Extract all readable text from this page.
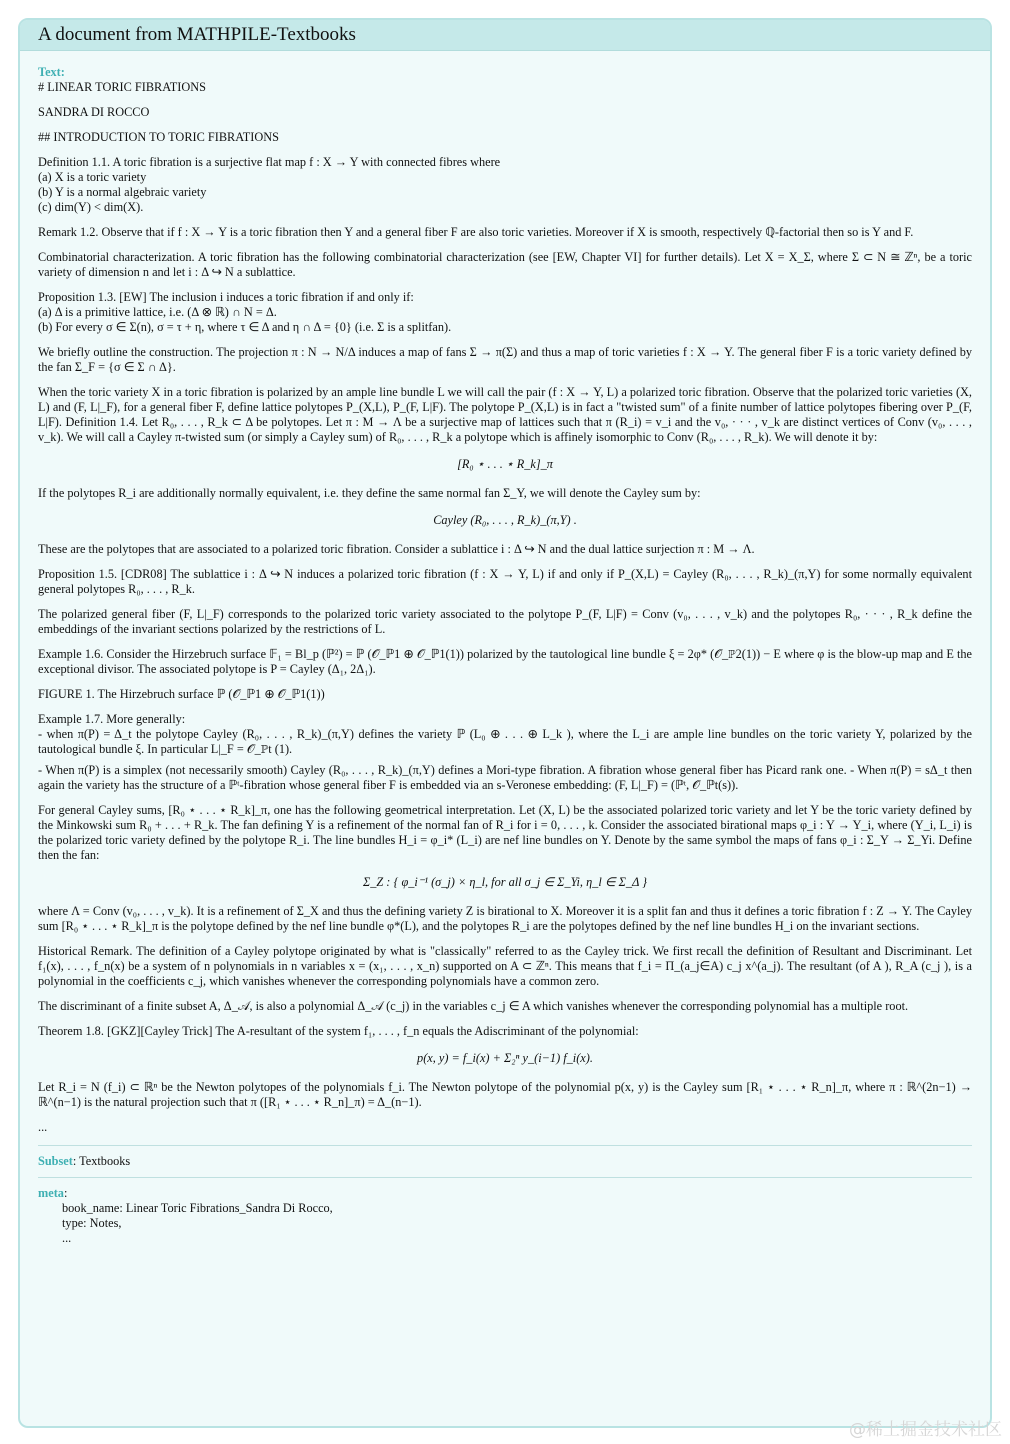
A document from MATHPILE-Textbooks
Text:

# LINEAR TORIC FIBRATIONS

SANDRA DI ROCCO

## INTRODUCTION TO TORIC FIBRATIONS

Definition 1.1. A toric fibration is a surjective flat map f : X → Y with connected fibres where
(a) X is a toric variety
(b) Y is a normal algebraic variety
(c) dim(Y) < dim(X).

Remark 1.2. Observe that if f : X → Y is a toric fibration then Y and a general fiber F are also toric varieties. Moreover if X is smooth, respectively ℚ-factorial then so is Y and F.

Combinatorial characterization. A toric fibration has the following combinatorial characterization (see [EW, Chapter VI] for further details). Let X = X_Σ, where Σ ⊂ N ≅ ℤⁿ, be a toric variety of dimension n and let i : Δ ↪ N a sublattice.

Proposition 1.3. [EW] The inclusion i induces a toric fibration if and only if:
(a) Δ is a primitive lattice, i.e. (Δ ⊗ ℝ) ∩ N = Δ.
(b) For every σ ∈ Σ(n), σ = τ + η, where τ ∈ Δ and η ∩ Δ = {0} (i.e. Σ is a splitfan).

We briefly outline the construction. The projection π : N → N/Δ induces a map of fans Σ → π(Σ) and thus a map of toric varieties f : X → Y. The general fiber F is a toric variety defined by the fan Σ_F = {σ ∈ Σ ∩ Δ}.

When the toric variety X in a toric fibration is polarized by an ample line bundle L we will call the pair (f : X → Y, L) a polarized toric fibration. Observe that the polarized toric varieties (X, L) and (F, L|_F), for a general fiber F, define lattice polytopes P_(X,L), P_(F, L|F). The polytope P_(X,L) is in fact a "twisted sum" of a finite number of lattice polytopes fibering over P_(F, L|F). Definition 1.4. Let R₀, . . . , R_k ⊂ Δ be polytopes. Let π : M → Λ be a surjective map of lattices such that π (R_i) = v_i and the v₀, · · · , v_k are distinct vertices of Conv (v₀, . . . , v_k). We will call a Cayley π-twisted sum (or simply a Cayley sum) of R₀, . . . , R_k a polytope which is affinely isomorphic to Conv (R₀, . . . , R_k). We will denote it by:

[R₀ ⋆ . . . ⋆ R_k]_π

If the polytopes R_i are additionally normally equivalent, i.e. they define the same normal fan Σ_Y, we will denote the Cayley sum by:

Cayley (R₀, . . . , R_k)_(π,Y) .

These are the polytopes that are associated to a polarized toric fibration. Consider a sublattice i : Δ ↪ N and the dual lattice surjection π : M → Λ.

Proposition 1.5. [CDR08] The sublattice i : Δ ↪ N induces a polarized toric fibration (f : X → Y, L) if and only if P_(X,L) = Cayley (R₀, . . . , R_k)_(π,Y) for some normally equivalent general polytopes R₀, . . . , R_k.

The polarized general fiber (F, L|_F) corresponds to the polarized toric variety associated to the polytope P_(F, L|F) = Conv (v₀, . . . , v_k) and the polytopes R₀, · · · , R_k define the embeddings of the invariant sections polarized by the restrictions of L.

Example 1.6. Consider the Hirzebruch surface 𝔽₁ = Bl_p (ℙ²) = ℙ (𝒪_ℙ1 ⊕ 𝒪_ℙ1(1)) polarized by the tautological line bundle ξ = 2φ* (𝒪_ℙ2(1)) − E where φ is the blow-up map and E the exceptional divisor. The associated polytope is P = Cayley (Δ₁, 2Δ₁).

FIGURE 1. The Hirzebruch surface ℙ (𝒪_ℙ1 ⊕ 𝒪_ℙ1(1))

Example 1.7. More generally:
- when π(P) = Δ_t the polytope Cayley (R₀, . . . , R_k)_(π,Y) defines the variety ℙ (L₀ ⊕ . . . ⊕ L_k ), where the L_i are ample line bundles on the toric variety Y, polarized by the tautological bundle ξ. In particular L|_F = 𝒪_ℙt (1).
- When π(P) is a simplex (not necessarily smooth) Cayley (R₀, . . . , R_k)_(π,Y) defines a Mori-type fibration. A fibration whose general fiber has Picard rank one. - When π(P) = sΔ_t then again the variety has the structure of a ℙᵗ-fibration whose general fiber F is embedded via an s-Veronese embedding: (F, L|_F) = (ℙᵗ, 𝒪_ℙt(s)).

For general Cayley sums, [R₀ ⋆ . . . ⋆ R_k]_π, one has the following geometrical interpretation. Let (X, L) be the associated polarized toric variety and let Y be the toric variety defined by the Minkowski sum R₀ + . . . + R_k. The fan defining Y is a refinement of the normal fan of R_i for i = 0, . . . , k. Consider the associated birational maps φ_i : Y → Y_i, where (Y_i, L_i) is the polarized toric variety defined by the polytope R_i. The line bundles H_i = φ_i* (L_i) are nef line bundles on Y. Denote by the same symbol the maps of fans φ_i : Σ_Y → Σ_Yi. Define then the fan:

Σ_Z : { φ_i⁻¹ (σ_j) × η_l, for all σ_j ∈ Σ_Yi, η_l ∈ Σ_Δ }

where Λ = Conv (v₀, . . . , v_k). It is a refinement of Σ_X and thus the defining variety Z is birational to X. Moreover it is a split fan and thus it defines a toric fibration f : Z → Y. The Cayley sum [R₀ ⋆ . . . ⋆ R_k]_π is the polytope defined by the nef line bundle φ*(L), and the polytopes R_i are the polytopes defined by the nef line bundles H_i on the invariant sections.

Historical Remark. The definition of a Cayley polytope originated by what is "classically" referred to as the Cayley trick. We first recall the definition of Resultant and Discriminant. Let f₁(x), . . . , f_n(x) be a system of n polynomials in n variables x = (x₁, . . . , x_n) supported on A ⊂ ℤⁿ. This means that f_i = Π_(a_j∈A) c_j x^(a_j). The resultant (of A ), R_A (c_j ), is a polynomial in the coefficients c_j, which vanishes whenever the corresponding polynomials have a common zero.

The discriminant of a finite subset A, Δ_𝒜, is also a polynomial Δ_𝒜 (c_j) in the variables c_j ∈ A which vanishes whenever the corresponding polynomial has a multiple root.

Theorem 1.8. [GKZ][Cayley Trick] The A-resultant of the system f₁, . . . , f_n equals the Adiscriminant of the polynomial:

p(x, y) = f_i(x) + Σ₂ⁿ y_(i−1) f_i(x).

Let R_i = N (f_i) ⊂ ℝⁿ be the Newton polytopes of the polynomials f_i. The Newton polytope of the polynomial p(x, y) is the Cayley sum [R₁ ⋆ . . . ⋆ R_n]_π, where π : ℝ^(2n−1) → ℝ^(n−1) is the natural projection such that π ([R₁ ⋆ . . . ⋆ R_n]_π) = Δ_(n−1).

...

Subset: Textbooks
meta:
book_name: Linear Toric Fibrations_Sandra Di Rocco,
type: Notes,
...
@稀土掘金技术社区
